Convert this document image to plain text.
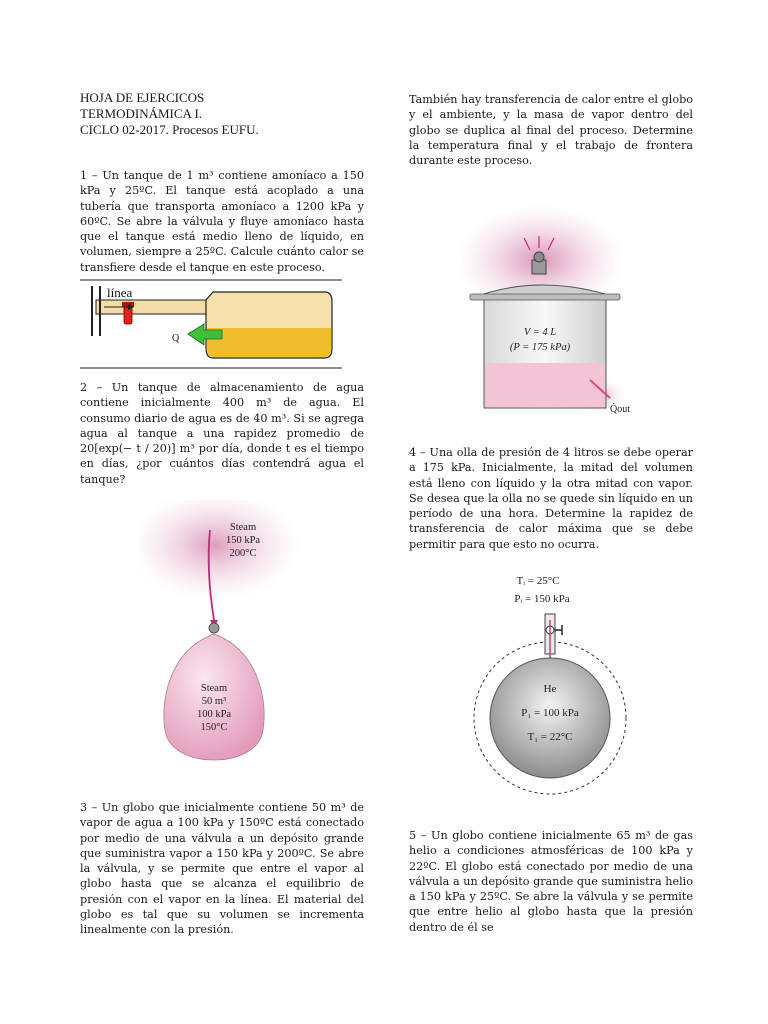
HOJA DE EJERCICOS
TERMODINÁMICA I.
CICLO 02-2017. Procesos EUFU.

1 – Un tanque de 1 m³ contiene amoníaco a 150 kPa y 25ºC. El tanque está acoplado a una tubería que transporta amoníaco a 1200 kPa y 60ºC. Se abre la válvula y fluye amoníaco hasta que el tanque está medio lleno de líquido, en volumen, siempre a 25ºC. Calcule cuánto calor se transfiere desde el tanque en este proceso.

línea
Q

2 – Un tanque de almacenamiento de agua contiene inicialmente 400 m³ de agua. El consumo diario de agua es de 40 m³. Si se agrega agua al tanque a una rapidez promedio de 20[exp(− t / 20)] m³ por día, donde t es el tiempo en días, ¿por cuántos días contendrá agua el tanque?

Steam
150 kPa
200°C
Steam
50 m³
100 kPa
150°C

3 – Un globo que inicialmente contiene 50 m³ de vapor de agua a 100 kPa y 150ºC está conectado por medio de una válvula a un depósito grande que suministra vapor a 150 kPa y 200ºC. Se abre la válvula, y se permite que entre el vapor al globo hasta que se alcanza el equilibrio de presión con el vapor en la línea. El material del globo es tal que su volumen se incrementa linealmente con la presión.

También hay transferencia de calor entre el globo y el ambiente, y la masa de vapor dentro del globo se duplica al final del proceso. Determine la temperatura final y el trabajo de frontera durante este proceso.

V = 4 L
(P = 175 kPa)
Q̇out

4 – Una olla de presión de 4 litros se debe operar a 175 kPa. Inicialmente, la mitad del volumen está lleno con líquido y la otra mitad con vapor. Se desea que la olla no se quede sin líquido en un período de una hora. Determine la rapidez de transferencia de calor máxima que se debe permitir para que esto no ocurra.

Tᵢ = 25°C
Pᵢ = 150 kPa
He
P₁ = 100 kPa
T₁ = 22°C

5 – Un globo contiene inicialmente 65 m³ de gas helio a condiciones atmosféricas de 100 kPa y 22ºC. El globo está conectado por medio de una válvula a un depósito grande que suministra helio a 150 kPa y 25ºC. Se abre la válvula y se permite que entre helio al globo hasta que la presión dentro de él se
